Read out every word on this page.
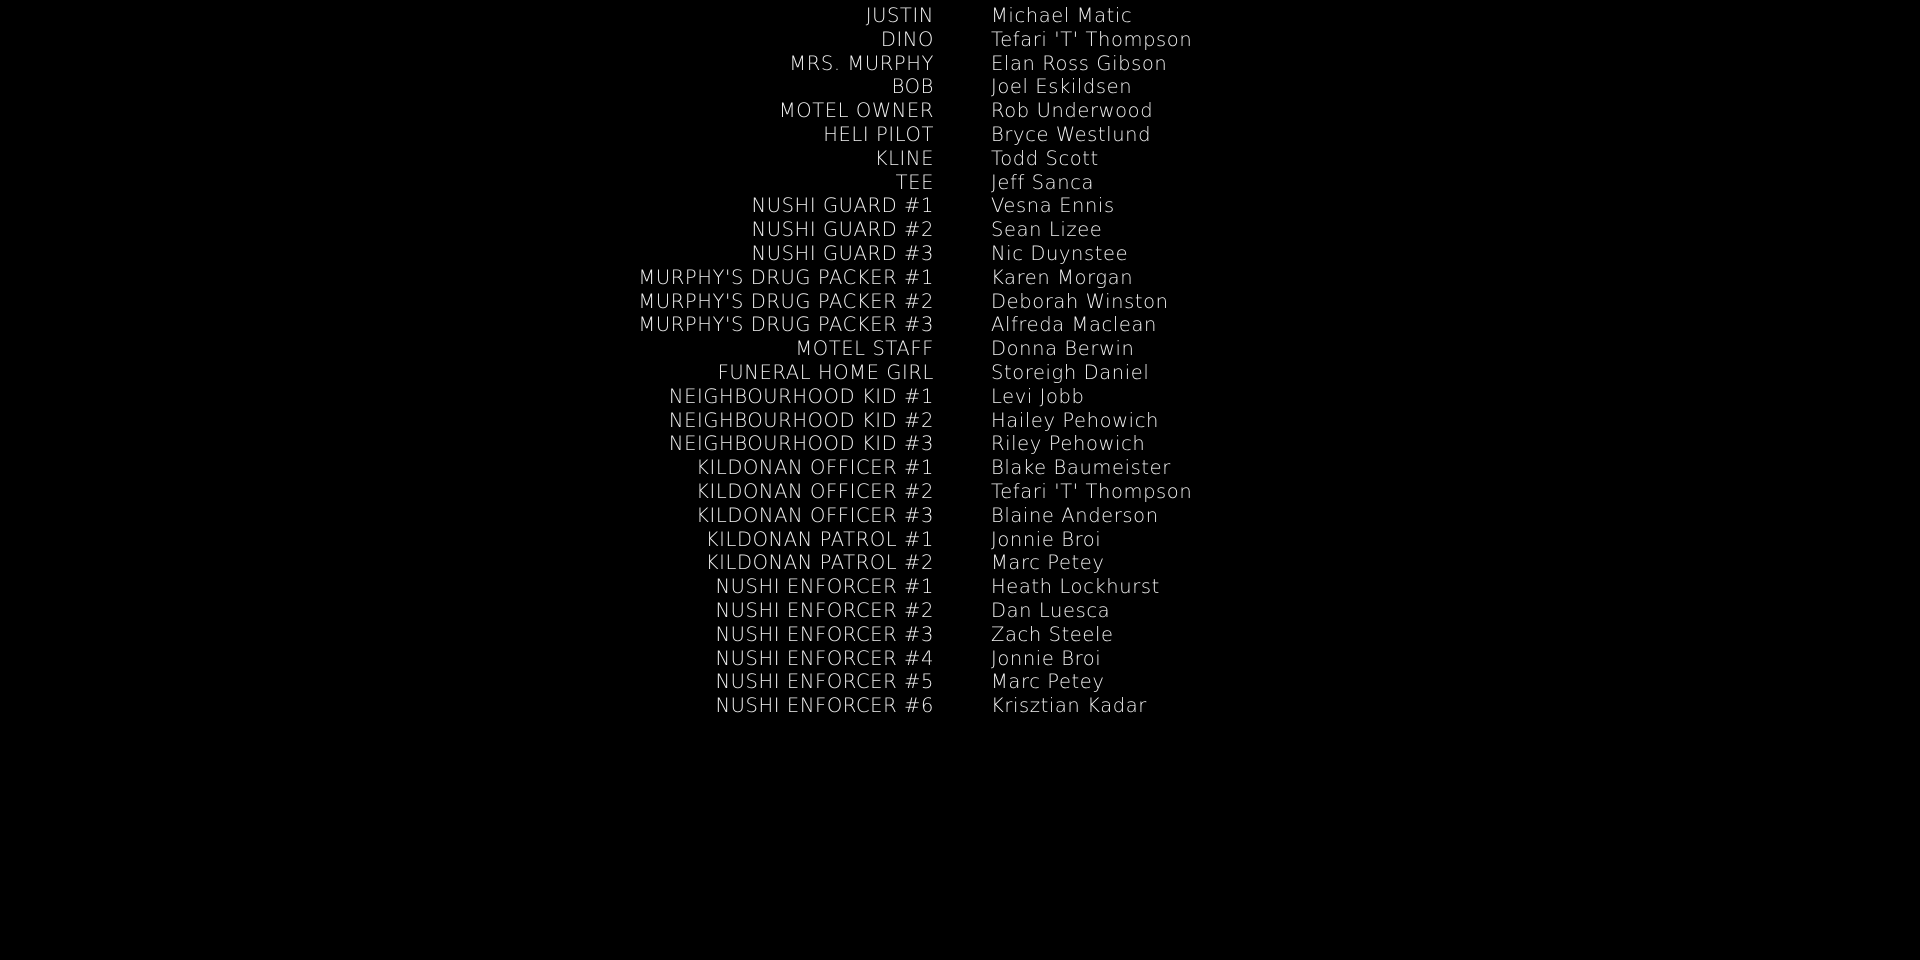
JUSTIN	Michael Matic
DINO	Tefari 'T' Thompson
MRS. MURPHY	Elan Ross Gibson
BOB	Joel Eskildsen
MOTEL OWNER	Rob Underwood
HELI PILOT	Bryce Westlund
KLINE	Todd Scott
TEE	Jeff Sanca
NUSHI GUARD #1	Vesna Ennis
NUSHI GUARD #2	Sean Lizee
NUSHI GUARD #3	Nic Duynstee
MURPHY'S DRUG PACKER #1	Karen Morgan
MURPHY'S DRUG PACKER #2	Deborah Winston
MURPHY'S DRUG PACKER #3	Alfreda Maclean
MOTEL STAFF	Donna Berwin
FUNERAL HOME GIRL	Storeigh Daniel
NEIGHBOURHOOD KID #1	Levi Jobb
NEIGHBOURHOOD KID #2	Hailey Pehowich
NEIGHBOURHOOD KID #3	Riley Pehowich
KILDONAN OFFICER #1	Blake Baumeister
KILDONAN OFFICER #2	Tefari 'T' Thompson
KILDONAN OFFICER #3	Blaine Anderson
KILDONAN PATROL #1	Jonnie Broi
KILDONAN PATROL #2	Marc Petey
NUSHI ENFORCER #1	Heath Lockhurst
NUSHI ENFORCER #2	Dan Luesca
NUSHI ENFORCER #3	Zach Steele
NUSHI ENFORCER #4	Jonnie Broi
NUSHI ENFORCER #5	Marc Petey
NUSHI ENFORCER #6	Krisztian Kadar
